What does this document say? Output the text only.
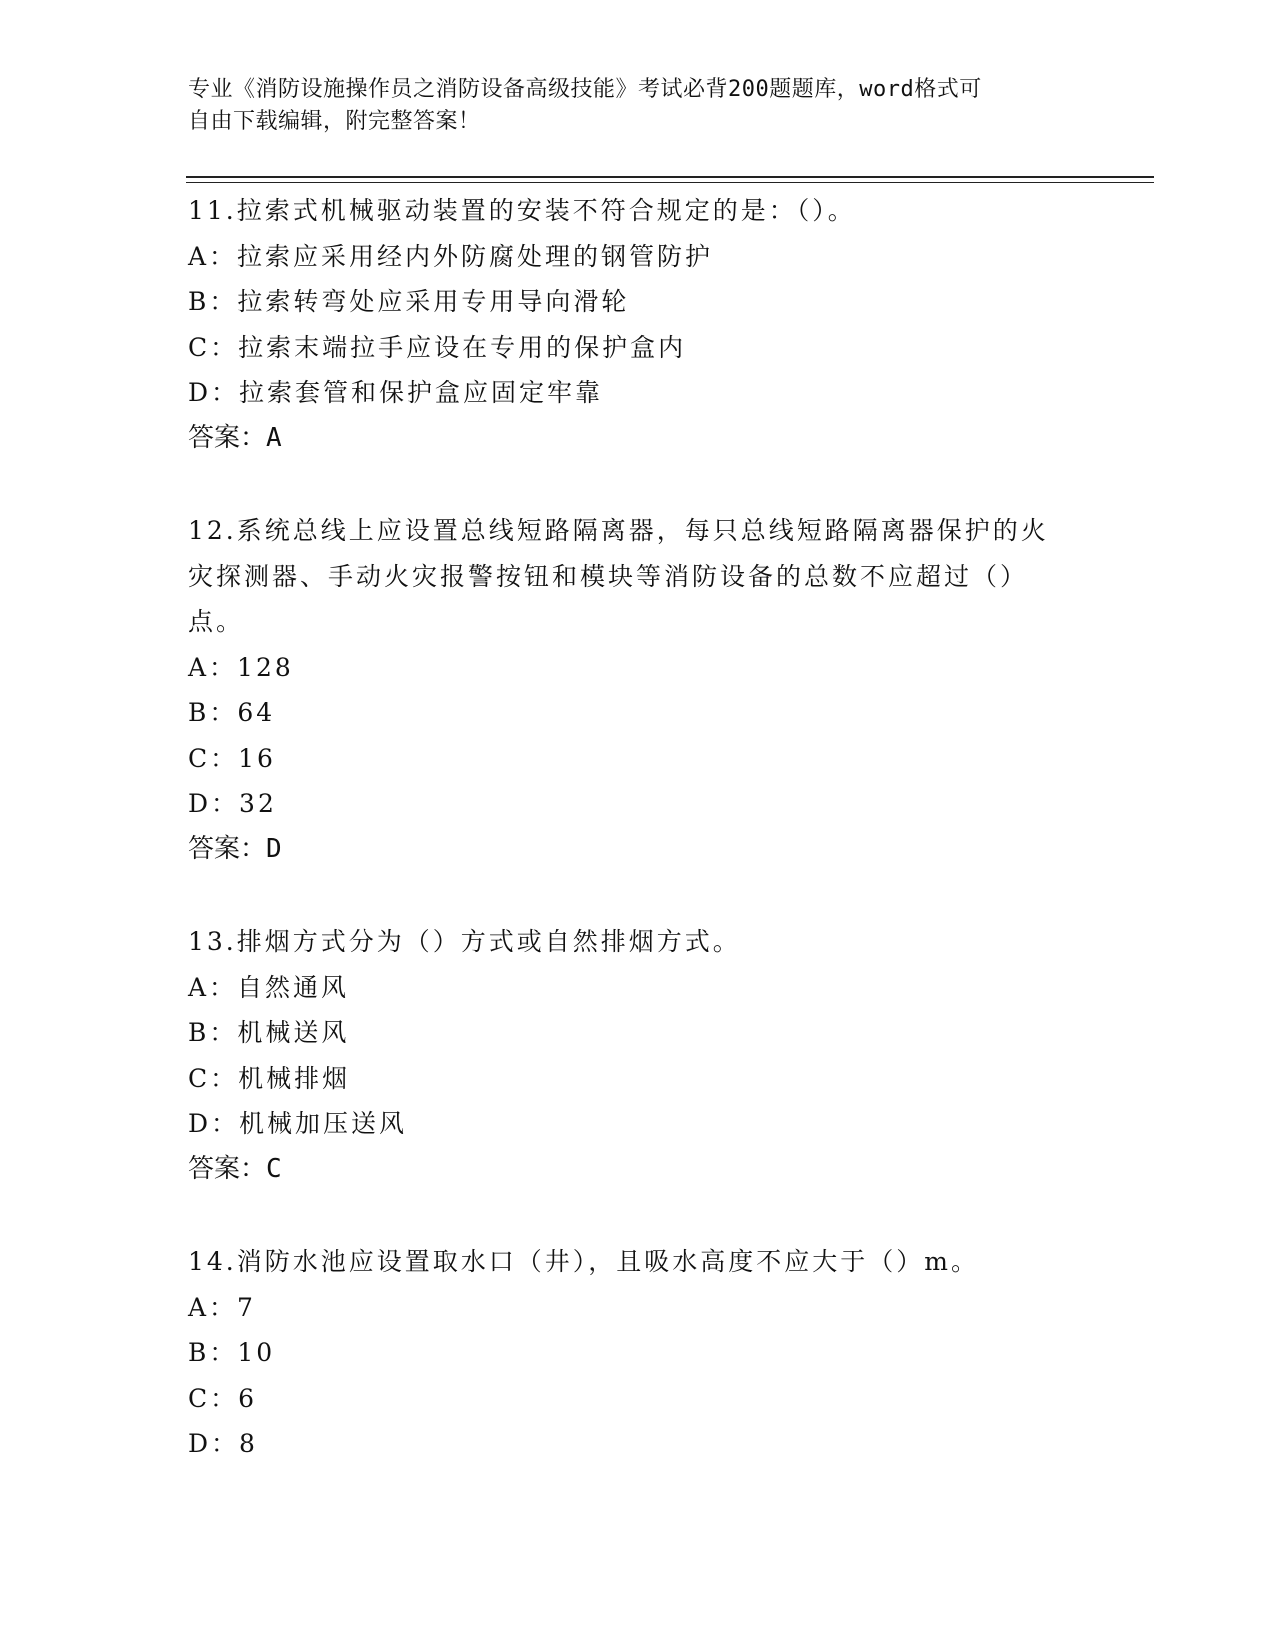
专业《消防设施操作员之消防设备高级技能》考试必背200题题库，word格式可
自由下载编辑，附完整答案！
11.拉索式机械驱动装置的安装不符合规定的是：（）。
A：拉索应采用经内外防腐处理的钢管防护
B：拉索转弯处应采用专用导向滑轮
C：拉索末端拉手应设在专用的保护盒内
D：拉索套管和保护盒应固定牢靠
答案：A
12.系统总线上应设置总线短路隔离器，每只总线短路隔离器保护的火
灾探测器、手动火灾报警按钮和模块等消防设备的总数不应超过（）
点。
A：128
B：64
C：16
D：32
答案：D
13.排烟方式分为（）方式或自然排烟方式。
A：自然通风
B：机械送风
C：机械排烟
D：机械加压送风
答案：C
14.消防水池应设置取水口（井），且吸水高度不应大于（）m。
A：7
B：10
C：6
D：8
